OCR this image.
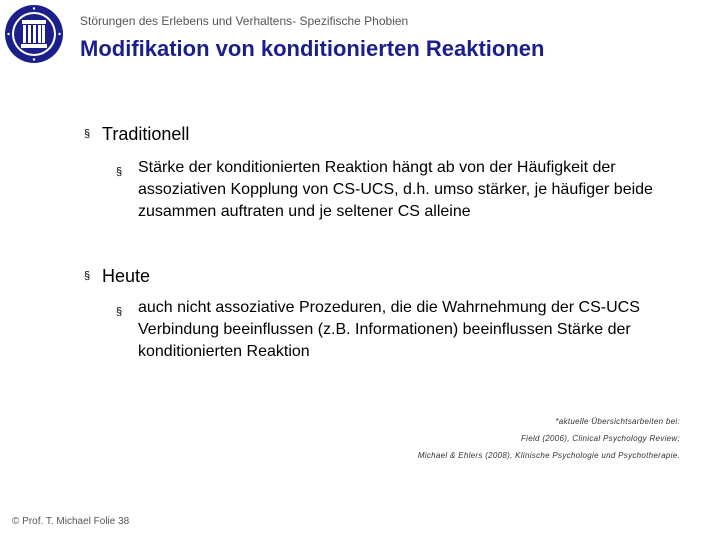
Störungen des Erlebens und Verhaltens- Spezifische Phobien
Modifikation von konditionierten Reaktionen
§ Traditionell
§ Stärke der konditionierten Reaktion hängt ab von der Häufigkeit der assoziativen Kopplung von CS-UCS, d.h. umso stärker, je häufiger beide zusammen auftraten und je seltener CS alleine
§ Heute
§ auch nicht assoziative Prozeduren, die die Wahrnehmung der CS-UCS Verbindung beeinflussen (z.B. Informationen) beeinflussen Stärke der konditionierten Reaktion
*aktuelle Übersichtsarbeiten bei:
Field (2006), Clinical Psychology Review;
Michael & Ehlers (2008), Klinische Psychologie und Psychotherapie.
© Prof. T. Michael Folie 38
